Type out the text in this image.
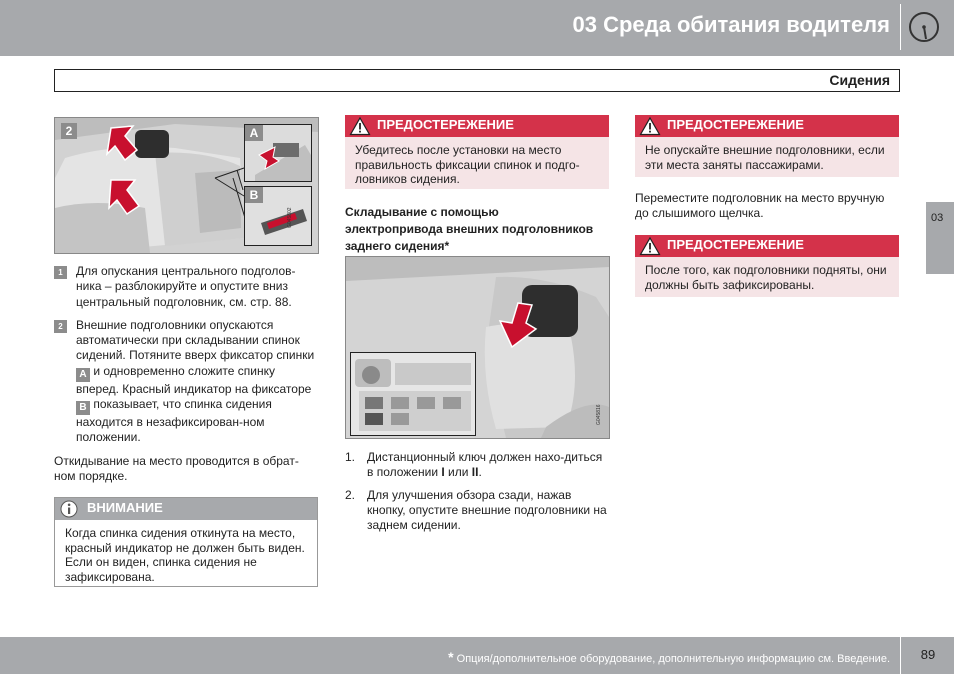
03 Среда обитания водителя
Сидения
03
2	A
B
G045802
1	Для опускания центрального подголов-ника – разблокируйте и опустите вниз центральный подголовник, см. стр. 88.
2	Внешние подголовники опускаются автоматически при складывании спинок сидений. Потяните вверх фиксатор спинки A и одновременно сложите спинку вперед. Красный индикатор на фиксаторе B показывает, что спинка сидения находится в незафиксирован-ном положении.

Откидывание на место проводится в обрат-ном порядке.

ВНИМАНИЕ
Когда спинка сидения откинута на место, красный индикатор не должен быть виден. Если он виден, спинка сидения не зафиксирована.
ПРЕДОСТЕРЕЖЕНИЕ
Убедитесь после установки на место правильность фиксации спинок и подго-ловников сидения.
Складывание с помощью электропривода внешних подголовников заднего сидения*
G045816
1. Дистанционный ключ должен нахо-диться в положении I или II.
2. Для улучшения обзора сзади, нажав кнопку, опустите внешние подголовники на заднем сидении.
ПРЕДОСТЕРЕЖЕНИЕ
Не опускайте внешние подголовники, если эти места заняты пассажирами.
Переместите подголовник на место вручную до слышимого щелчка.
ПРЕДОСТЕРЕЖЕНИЕ
После того, как подголовники подняты, они должны быть зафиксированы.
* Опция/дополнительное оборудование, дополнительную информацию см. Введение.	89
